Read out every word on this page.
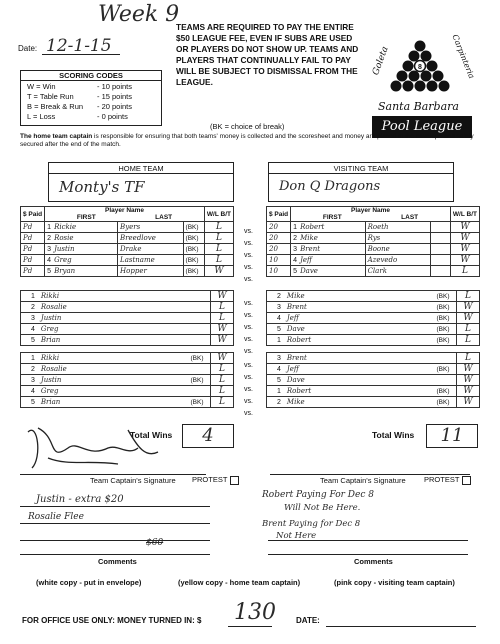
Week 9
Date: 12-1-15
TEAMS ARE REQUIRED TO PAY THE ENTIRE $50 LEAGUE FEE, EVEN IF SUBS ARE USED OR PLAYERS DO NOT SHOW UP. TEAMS AND PLAYERS THAT CONTINUALLY FAIL TO PAY WILL BE SUBJECT TO DISMISSAL FROM THE LEAGUE.
Goleta	Carpinteria
8
Santa Barbara
Pool League
SCORING CODES
W = Win	- 10 points
T = Table Run	- 15 points
B = Break & Run	- 20 points
L = Loss	- 0 points
(BK = choice of break)
The home team captain is responsible for ensuring that both teams' money is collected and the scoresheet and money are placed in the envelope and safely secured after the end of the match.
HOME TEAM
Monty's TF
VISITING TEAM
Don Q Dragons
$ Paid	Player Name
FIRST LAST			W/L B/T
Pd	1 Rickie	Byers	(BK)	L
Pd	2 Rosie	Breedlove	(BK)	L
Pd	3 Justin	Drake	(BK)	L
Pd	4 Greg	Lastname	(BK)	L
Pd	5 Bryan	Hopper	(BK)	W
$ Paid	Player Name
FIRST LAST			W/L B/T
20	1 Robert	Roeth		W
20	2 Mike	Rys		W
20	3 Brent	Boone		W
10	4 Jeff	Azevedo		W
10	5 Dave	Clark		L
1 Rikki		W
2 Rosalie		L
3 Justin		L
4 Greg		W
5 Brian		W
2 Mike	(BK)	L
3 Brent	(BK)	W
4 Jeff	(BK)	W
5 Dave	(BK)	L
1 Robert	(BK)	L
1 Rikki	(BK)	W
2 Rosalie		L
3 Justin	(BK)	L
4 Greg		L
5 Brian	(BK)	L
3 Brent		L
4 Jeff	(BK)	W
5 Dave		W
1 Robert	(BK)	W
2 Mike	(BK)	W
vs.
vs.
vs.
vs.
vs.
vs.
vs.
vs.
vs.
vs.
vs.
vs.
vs.
vs.
vs.
Total Wins	4	Total Wins	11
Team Captain's Signature PROTEST	Team Captain's Signature PROTEST
Justin - extra $20
Rosalie Flee
$60
Comments
Robert Paying For Dec 8
Will Not Be Here.
Brent Paying for Dec 8
Not Here
Comments
(white copy - put in envelope)	(yellow copy - home team captain)	(pink copy - visiting team captain)
FOR OFFICE USE ONLY: MONEY TURNED IN: $ 130	DATE:
